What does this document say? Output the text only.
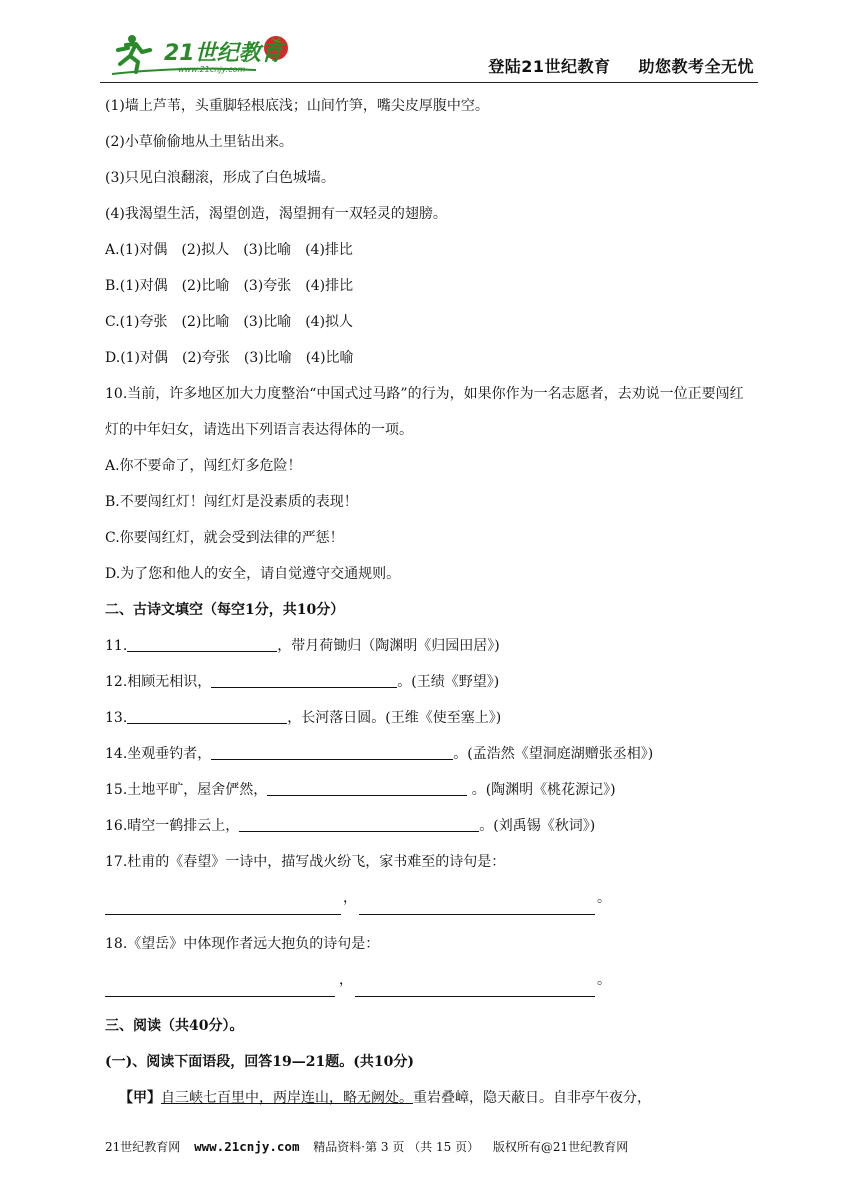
21世纪教育
www.21cnjy.com	登陆21世纪教育 助您教考全无忧
(1)墙上芦苇，头重脚轻根底浅；山间竹笋，嘴尖皮厚腹中空。
(2)小草偷偷地从土里钻出来。
(3)只见白浪翻滚，形成了白色城墙。
(4)我渴望生活，渴望创造，渴望拥有一双轻灵的翅膀。
A.(1)对偶 (2)拟人 (3)比喻 (4)排比
B.(1)对偶 (2)比喻 (3)夸张 (4)排比
C.(1)夸张 (2)比喻 (3)比喻 (4)拟人
D.(1)对偶 (2)夸张 (3)比喻 (4)比喻
10.当前，许多地区加大力度整治“中国式过马路”的行为，如果你作为一名志愿者，去劝说一位正要闯红灯的中年妇女，请选出下列语言表达得体的一项。
A.你不要命了，闯红灯多危险！
B.不要闯红灯！闯红灯是没素质的表现！
C.你要闯红灯，就会受到法律的严惩！
D.为了您和他人的安全，请自觉遵守交通规则。
二、古诗文填空（每空1分，共10分）
11.	，带月荷锄归（陶渊明《归园田居》)
12.相顾无相识，	。(王绩《野望》)
13.	，长河落日圆。(王维《使至塞上》)
14.坐观垂钓者，	。(孟浩然《望洞庭湖赠张丞相》)
15.土地平旷，屋舍俨然，	。(陶渊明《桃花源记》)
16.晴空一鹤排云上，	。(刘禹锡《秋词》)
17.杜甫的《春望》一诗中，描写战火纷飞，家书难至的诗句是：
，	。
18.《望岳》中体现作者远大抱负的诗句是：
，	。
三、阅读（共40分）。
(一)、阅读下面语段，回答19—21题。(共10分)
【甲】自三峡七百里中，两岸连山，略无阙处。重岩叠嶂，隐天蔽日。自非亭午夜分，
21世纪教育网 www.21cnjy.com 精品资料·第 3 页 （共 15 页） 版权所有@21世纪教育网
